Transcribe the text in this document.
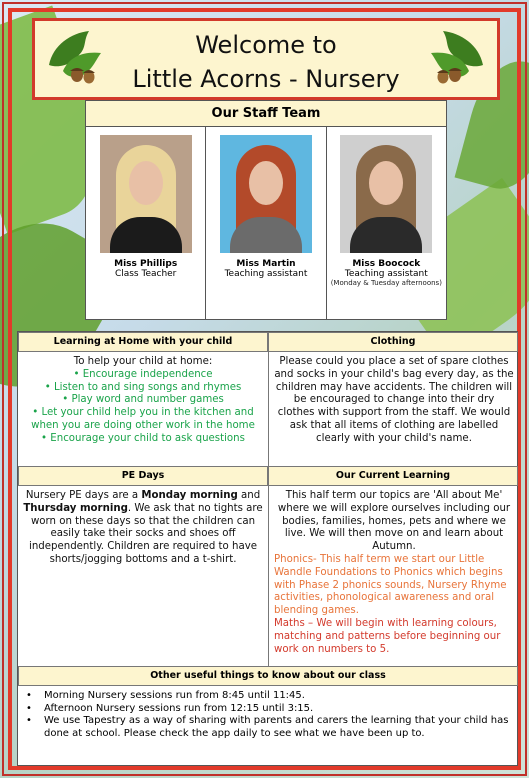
Welcome to
Little Acorns - Nursery
Our Staff Team
Miss Phillips
Class Teacher
Miss Martin
Teaching assistant
Miss Boocock
Teaching assistant
(Monday & Tuesday afternoons)
Learning at Home with your child	Clothing
To help your child at home:
• Encourage independence
• Listen to and sing songs and rhymes
• Play word and number games
• Let your child help you in the kitchen and when you are doing other work in the home
• Encourage your child to ask questions
Please could you place a set of spare clothes and socks in your child's bag every day, as the children may have accidents. The children will be encouraged to change into their dry clothes with support from the staff. We would ask that all items of clothing are labelled clearly with your child's name.
PE Days	Our Current Learning
Nursery PE days are a Monday morning and Thursday morning. We ask that no tights are worn on these days so that the children can easily take their socks and shoes off independently. Children are required to have shorts/jogging bottoms and a t-shirt.
This half term our topics are 'All about Me' where we will explore ourselves including our bodies, families, homes, pets and where we live. We will then move on and learn about Autumn.
Phonics- This half term we start our Little Wandle Foundations to Phonics which begins with Phase 2 phonics sounds, Nursery Rhyme activities, phonological awareness and oral blending games.
Maths – We will begin with learning colours, matching and patterns before beginning our work on numbers to 5.
Other useful things to know about our class
• Morning Nursery sessions run from 8:45 until 11:45.
• Afternoon Nursery sessions run from 12:15 until 3:15.
• We use Tapestry as a way of sharing with parents and carers the learning that your child has done at school. Please check the app daily to see what we have been up to.
